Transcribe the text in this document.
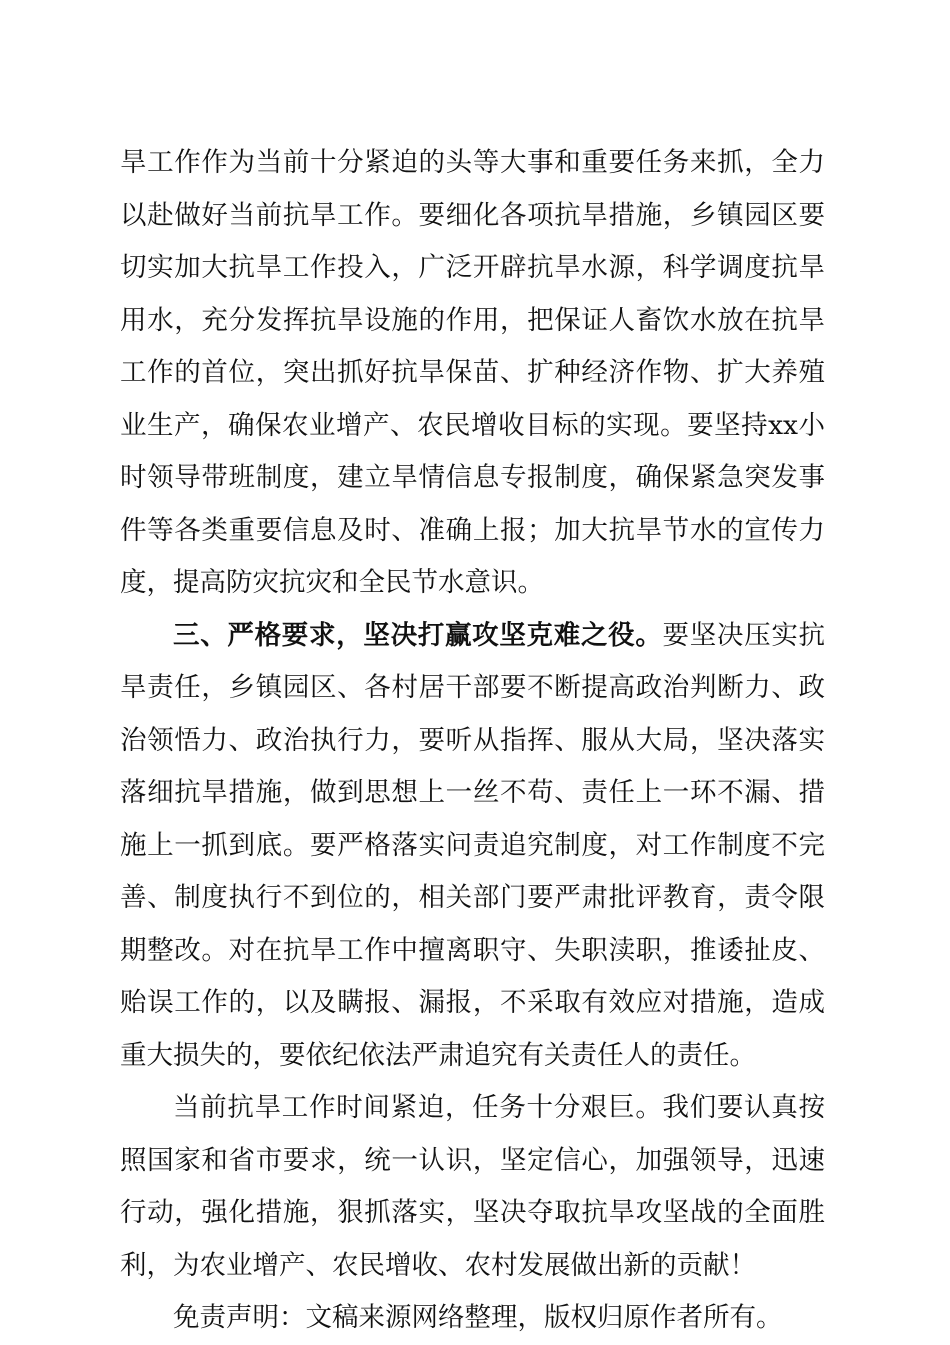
旱工作作为当前十分紧迫的头等大事和重要任务来抓，全力以赴做好当前抗旱工作。要细化各项抗旱措施，乡镇园区要切实加大抗旱工作投入，广泛开辟抗旱水源，科学调度抗旱用水，充分发挥抗旱设施的作用，把保证人畜饮水放在抗旱工作的首位，突出抓好抗旱保苗、扩种经济作物、扩大养殖业生产，确保农业增产、农民增收目标的实现。要坚持xx小时领导带班制度，建立旱情信息专报制度，确保紧急突发事件等各类重要信息及时、准确上报；加大抗旱节水的宣传力度，提高防灾抗灾和全民节水意识。

三、严格要求，坚决打赢攻坚克难之役。要坚决压实抗旱责任，乡镇园区、各村居干部要不断提高政治判断力、政治领悟力、政治执行力，要听从指挥、服从大局，坚决落实落细抗旱措施，做到思想上一丝不苟、责任上一环不漏、措施上一抓到底。要严格落实问责追究制度，对工作制度不完善、制度执行不到位的，相关部门要严肃批评教育，责令限期整改。对在抗旱工作中擅离职守、失职渎职，推诿扯皮、贻误工作的，以及瞒报、漏报，不采取有效应对措施，造成重大损失的，要依纪依法严肃追究有关责任人的责任。

当前抗旱工作时间紧迫，任务十分艰巨。我们要认真按照国家和省市要求，统一认识，坚定信心，加强领导，迅速行动，强化措施，狠抓落实，坚决夺取抗旱攻坚战的全面胜利，为农业增产、农民增收、农村发展做出新的贡献！

免责声明：文稿来源网络整理，版权归原作者所有。
